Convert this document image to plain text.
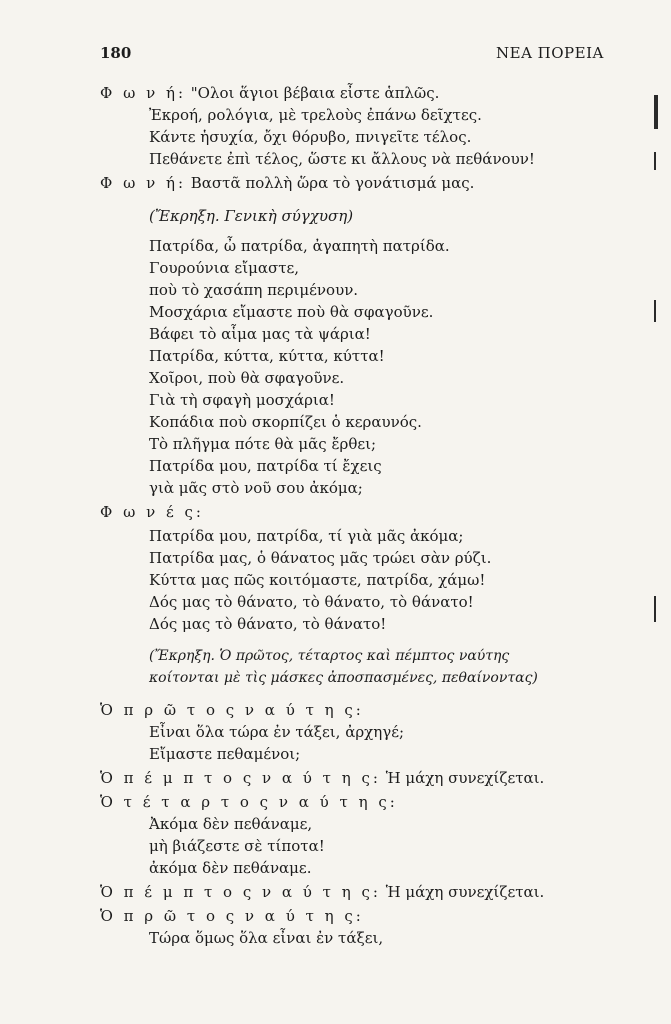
180	ΝΕΑ ΠΟΡΕΙΑ
Φ ω ν ή: "Ολοι ἅγιοι βέβαια εἶστε ἁπλῶς.
Ἐκροή, ρολόγια, μὲ τρελοὺς ἐπάνω δεῖχτες.
Κάντε ἡσυχία, ὄχι θόρυβο, πνιγεῖτε τέλος.
Πεθάνετε ἐπὶ τέλος, ὥστε κι ἄλλους νὰ πεθάνουν!
Φ ω ν ή: Βαστᾶ πολλὴ ὥρα τὸ γονάτισμά μας.
(Ἔκρηξη. Γενικὴ σύγχυση)
Πατρίδα, ὦ πατρίδα, ἀγαπητὴ πατρίδα.
Γουρούνια εἴμαστε,
ποὺ τὸ χασάπη περιμένουν.
Μοσχάρια εἴμαστε ποὺ θὰ σφαγοῦνε.
Βάφει τὸ αἷμα μας τὰ ψάρια!
Πατρίδα, κύττα, κύττα, κύττα!
Χοῖροι, ποὺ θὰ σφαγοῦνε.
Γιὰ τὴ σφαγὴ μοσχάρια!
Κοπάδια ποὺ σκορπίζει ὁ κεραυνός.
Τὸ πλῆγμα πότε θὰ μᾶς ἔρθει;
Πατρίδα μου, πατρίδα τί ἔχεις
γιὰ μᾶς στὸ νοῦ σου ἀκόμα;
Φ ω ν έ ς:
Πατρίδα μου, πατρίδα, τί γιὰ μᾶς ἀκόμα;
Πατρίδα μας, ὁ θάνατος μᾶς τρώει σὰν ρύζι.
Κύττα μας πῶς κοιτόμαστε, πατρίδα, χάμω!
Δός μας τὸ θάνατο, τὸ θάνατο, τὸ θάνατο!
Δός μας τὸ θάνατο, τὸ θάνατο!
(Ἔκρηξη. Ὁ πρῶτος, τέταρτος καὶ πέμπτος ναύτης
κοίτονται μὲ τὶς μάσκες ἀποσπασμένες, πεθαίνοντας)
Ὁ π ρ ῶ τ ο ς ν α ύ τ η ς:
Εἶναι ὅλα τώρα ἐν τάξει, ἀρχηγέ;
Εἴμαστε πεθαμένοι;
Ὁ π έ μ π τ ο ς ν α ύ τ η ς: Ἡ μάχη συνεχίζεται.
Ὁ τ έ τ α ρ τ ο ς ν α ύ τ η ς:
Ἀκόμα δὲν πεθάναμε,
μὴ βιάζεστε σὲ τίποτα!
ἀκόμα δὲν πεθάναμε.
Ὁ π έ μ π τ ο ς ν α ύ τ η ς: Ἡ μάχη συνεχίζεται.
Ὁ π ρ ῶ τ ο ς ν α ύ τ η ς:
Τώρα ὅμως ὅλα εἶναι ἐν τάξει,
